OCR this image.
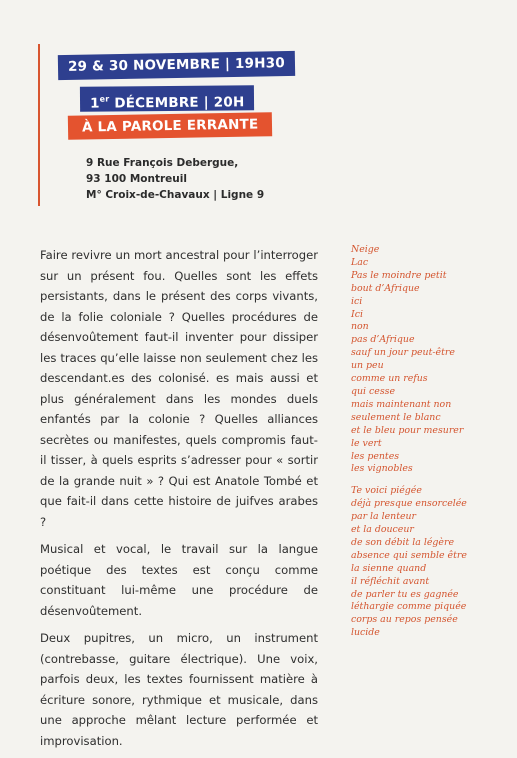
29 & 30 NOVEMBRE | 19H30
1er DÉCEMBRE | 20H
À LA PAROLE ERRANTE
9 Rue François Debergue,
93 100 Montreuil
M° Croix-de-Chavaux | Ligne 9

Faire revivre un mort ancestral pour l’interroger sur un présent fou. Quelles sont les effets persistants, dans le présent des corps vivants, de la folie coloniale ? Quelles procédures de désenvoûtement faut-il inventer pour dissiper les traces qu’elle laisse non seulement chez les descendant.es des colonisé. es mais aussi et plus généralement dans les mondes duels enfantés par la colonie ? Quelles alliances secrètes ou manifestes, quels compromis faut-il tisser, à quels esprits s’adresser pour « sortir de la grande nuit » ? Qui est Anatole Tombé et que fait-il dans cette histoire de juifves arabes ?

Musical et vocal, le travail sur la langue poétique des textes est conçu comme constituant lui-même une procédure de désenvoûtement.

Deux pupitres, un micro, un instrument (contrebasse, guitare électrique). Une voix, parfois deux, les textes fournissent matière à écriture sonore, rythmique et musicale, dans une approche mêlant lecture performée et improvisation.

Neige
Lac
Pas le moindre petit
bout d’Afrique
ici
Ici
non
pas d’Afrique
sauf un jour peut-être
un peu
comme un refus
qui cesse
mais maintenant non
seulement le blanc
et le bleu pour mesurer
le vert
les pentes
les vignobles
Te voici piégée
déjà presque ensorcelée
par la lenteur
et la douceur
de son débit la légère
absence qui semble être
la sienne quand
il réfléchit avant
de parler tu es gagnée
léthargie comme piquée
corps au repos pensée
lucide
